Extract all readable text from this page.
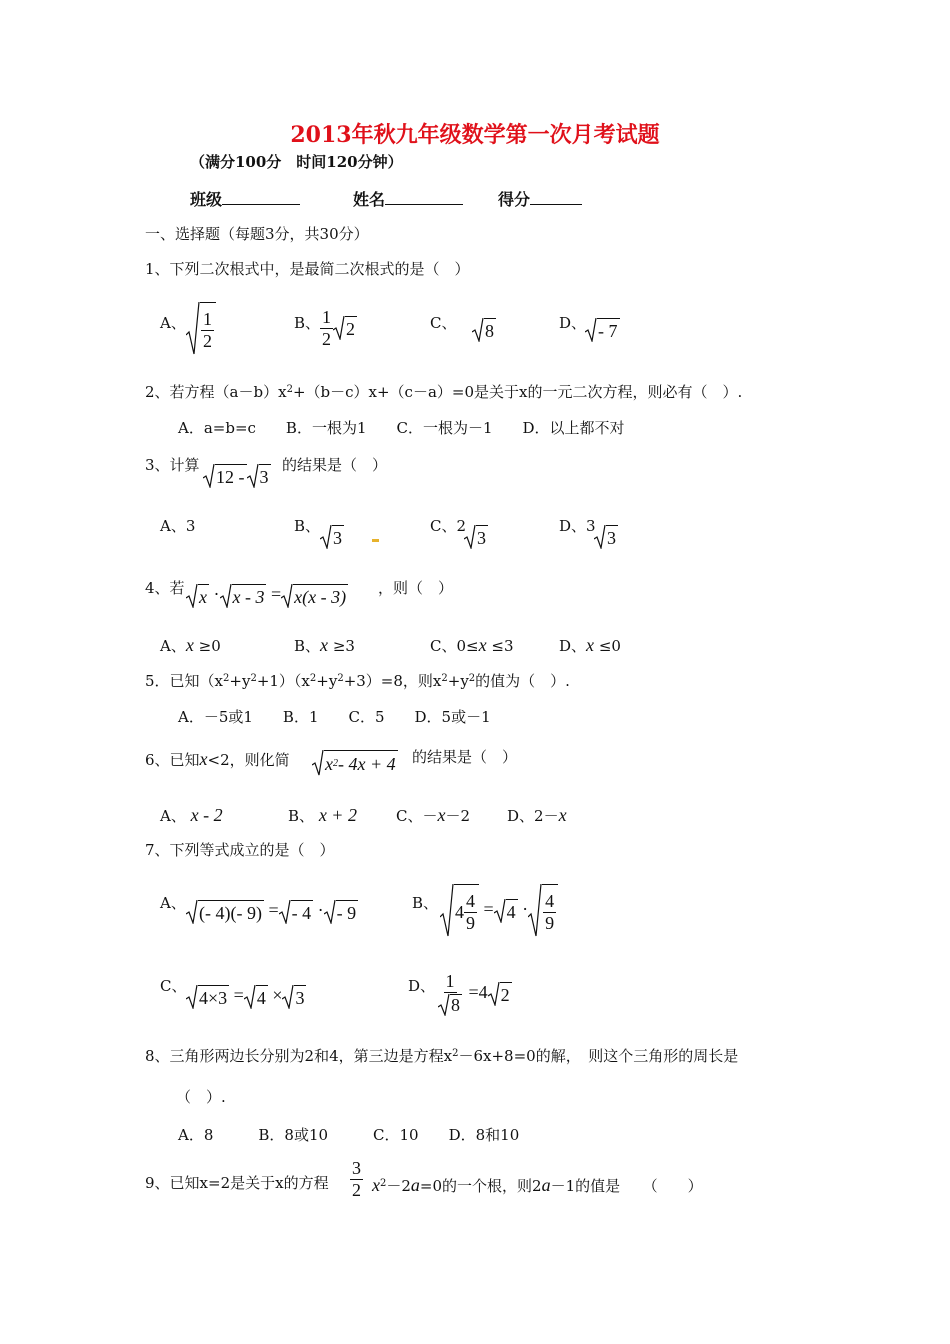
2013年秋九年级数学第一次月考试题
（满分100分　时间120分钟）
班级	姓名	得分
一、选择题（每题3分，共30分）
1、下列二次根式中，是最简二次根式的是（　）
A、 $\frac{1}{2}$	B、 $\frac{1}{2} 2$	C、 8	D、 - 7
2、若方程$(a-b)x^2+(b-c)x+(c-a)=0$是关于x的一元二次方程，则必有（　）.
A．a=b=c　　B．一根为1　　C．一根为－1　　D．以上都不对
3、计算
12 - 3
的结果是（　）
A、3	B、
3
C、2
3
D、3
3
4、若 x · x - 3 = x(x - 3) ，则（　）
A、x ≥0	B、x ≥3	C、0≤x ≤3	D、x ≤0
5．已知$(x^2+y^2+1)(x^2+y^2+3)=8$，则$x^2+y^2$的值为（　）.
A．－5或1　　B．1　　C．5　　D．5或－1
6、已知x<2，则化简 x 2 - 4x + 4 的结果是（　）
A、 x - 2	B、 x + 2	C、－x－2 D、2－x
7、下列等式成立的是（　）
A、 (- 4)(- 9) = - 4 · - 9	B、 $4 \frac{4}{9} = 4 \cdot \frac{4}{9}$
C、
4×3 = 4 × 3
D、 $\frac{1}{8} =4$ 2
8、三角形两边长分别为2和4，第三边是方程$x^2-6x+8=0$的解，　则这个三角形的周长是
（　）.
A．8　　　B．8或10　　　C．10　　D．8和10
9、已知x=2是关于x的方程 $\frac{3}{2} x^2-2a=0$的一个根，则2a－1的值是　　（　　）
